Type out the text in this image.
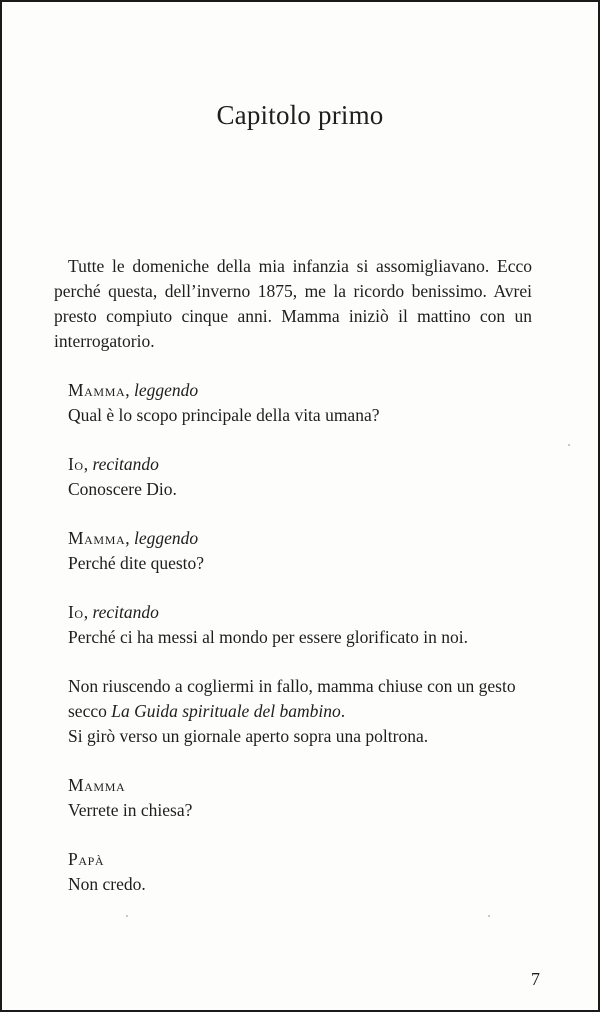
Capitolo primo

Tutte le domeniche della mia infanzia si assomigliavano. Ecco perché questa, dell’inverno 1875, me la ricordo benissimo. Avrei presto compiuto cinque anni. Mamma iniziò il mattino con un interrogatorio.

Mamma, leggendo

Qual è lo scopo principale della vita umana?

Io, recitando

Conoscere Dio.

Mamma, leggendo

Perché dite questo?

Io, recitando

Perché ci ha messi al mondo per essere glorificato in noi.

Non riuscendo a cogliermi in fallo, mamma chiuse con un gesto secco La Guida spirituale del bambino.

Si girò verso un giornale aperto sopra una poltrona.

Mamma

Verrete in chiesa?

Papà

Non credo.

7
